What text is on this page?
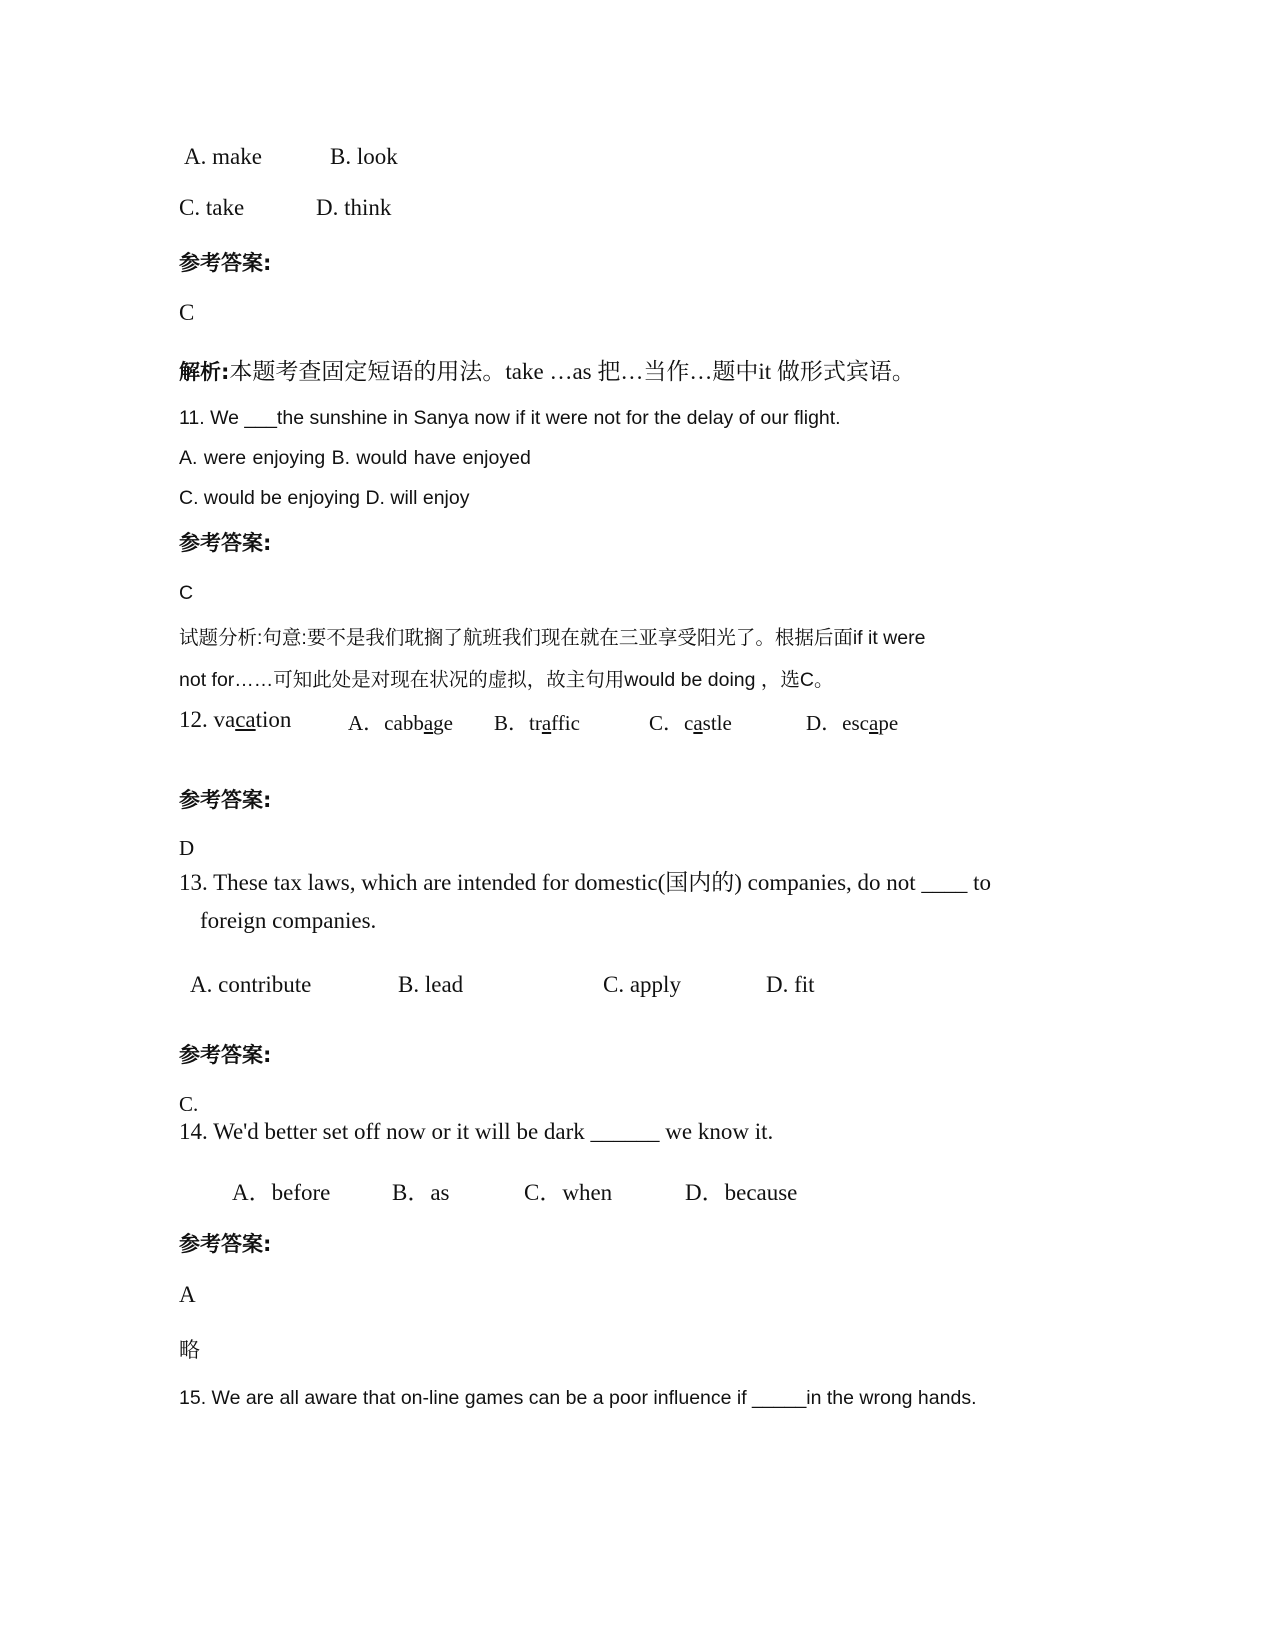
A. make	B. look
C. take	D. think
参考答案:
C
解析:本题考查固定短语的用法。take …as 把…当作…题中it 做形式宾语。
11. We ___the sunshine in Sanya now if it were not for the delay of our flight.
A. were enjoying B. would have enjoyed
C. would be enjoying D. will enjoy
参考答案:
C
试题分析:句意:要不是我们耽搁了航班我们现在就在三亚享受阳光了。根据后面if it were
not for……可知此处是对现在状况的虚拟，故主句用would be doing ，选C。
12. vacation	A．cabbage B．traffic	C．castle	D．escape
参考答案:
D
13. These tax laws, which are intended for domestic(国内的) companies, do not ____ to
foreign companies.
A. contribute	B. lead	C. apply	D. fit
参考答案:
C.
14. We'd better set off now or it will be dark ______ we know it.
A．before	B．as	C．when	D．because
参考答案:
A
略
15. We are all aware that on-line games can be a poor influence if _____in the wrong hands.
